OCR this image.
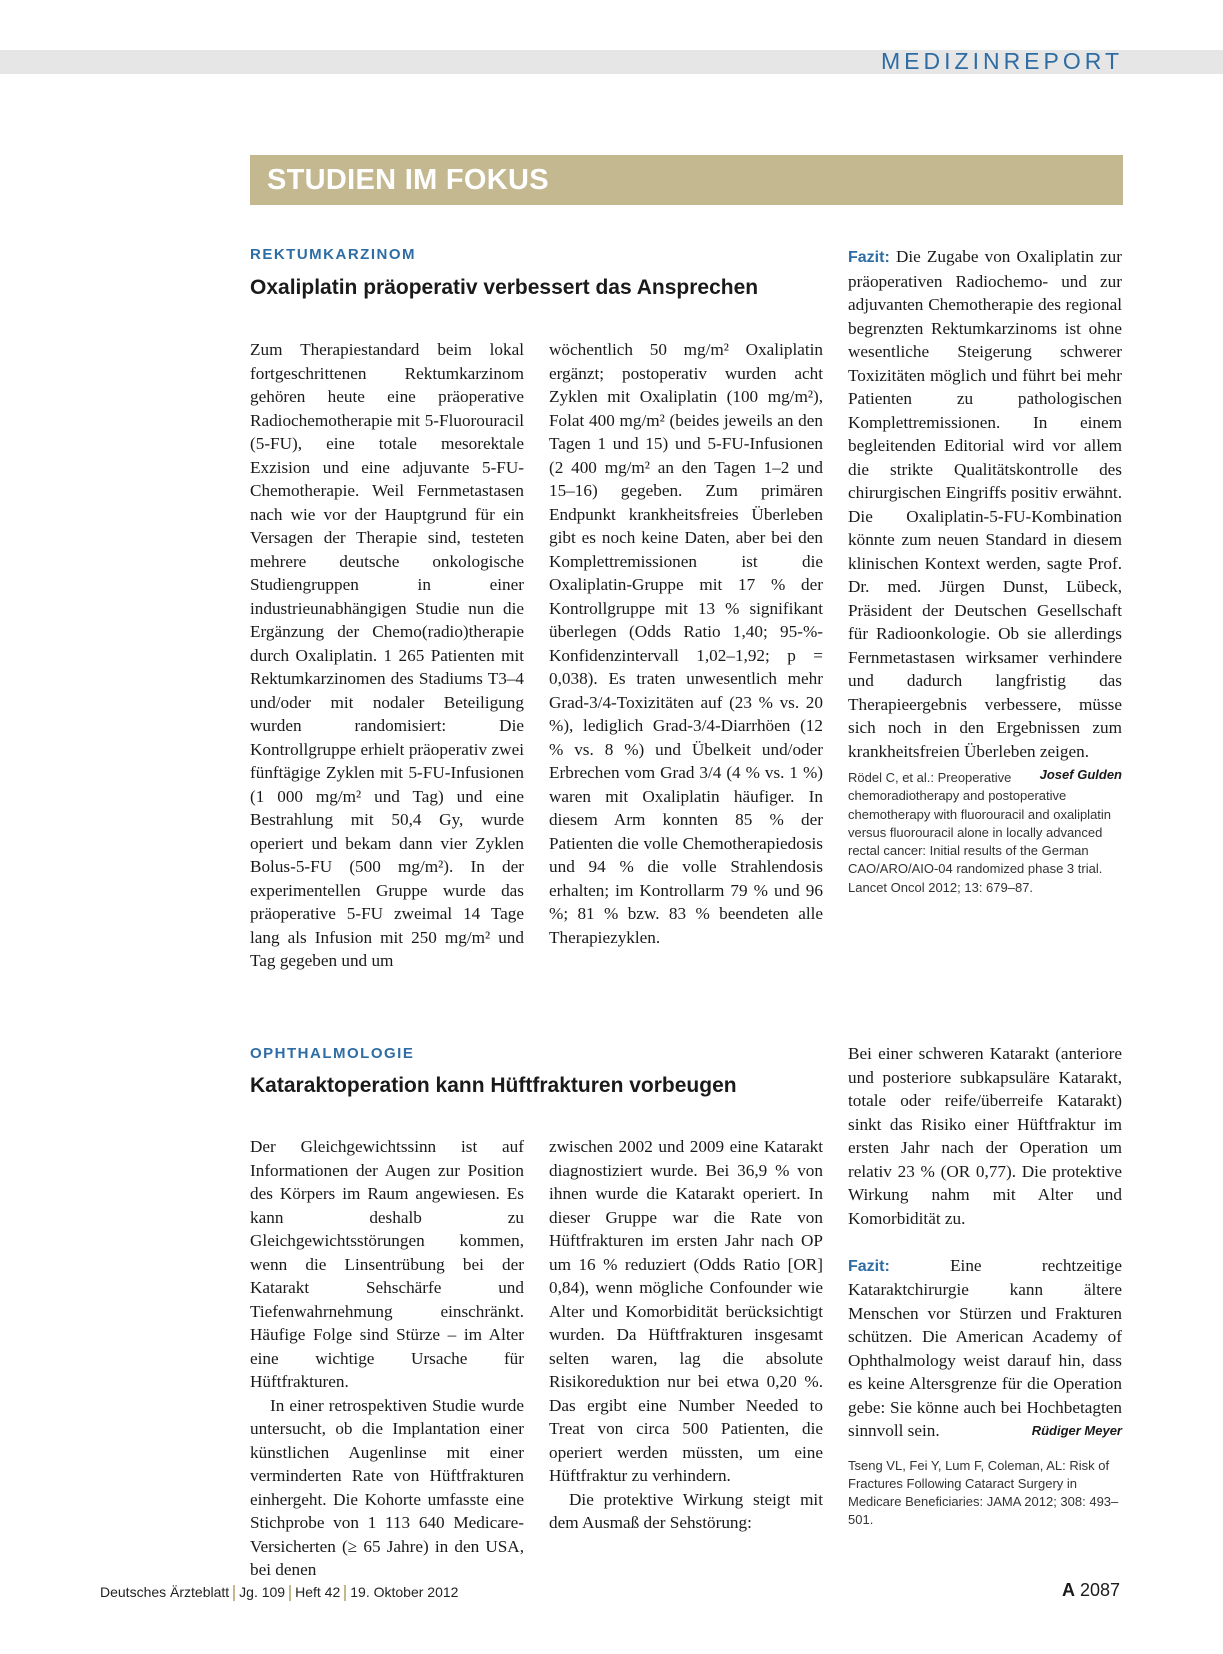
MEDIZINREPORT
STUDIEN IM FOKUS
REKTUMKARZINOM
Oxaliplatin präoperativ verbessert das Ansprechen

Zum Therapiestandard beim lokal fortgeschrittenen Rektumkarzinom gehören heute eine präoperative Radiochemotherapie mit 5-Fluorouracil (5-FU), eine totale mesorektale Exzision und eine adjuvante 5-FU-Chemotherapie. Weil Fernmetastasen nach wie vor der Hauptgrund für ein Versagen der Therapie sind, testeten mehrere deutsche onkologische Studiengruppen in einer industrieunabhängigen Studie nun die Ergänzung der Chemo(radio)therapie durch Oxaliplatin. 1 265 Patienten mit Rektumkarzinomen des Stadiums T3–4 und/oder mit nodaler Beteiligung wurden randomisiert: Die Kontrollgruppe erhielt präoperativ zwei fünftägige Zyklen mit 5-FU-Infusionen (1 000 mg/m² und Tag) und eine Bestrahlung mit 50,4 Gy, wurde operiert und bekam dann vier Zyklen Bolus-5-FU (500 mg/m²). In der experimentellen Gruppe wurde das präoperative 5-FU zweimal 14 Tage lang als Infusion mit 250 mg/m² und Tag gegeben und um

wöchentlich 50 mg/m² Oxaliplatin ergänzt; postoperativ wurden acht Zyklen mit Oxaliplatin (100 mg/m²), Folat 400 mg/m² (beides jeweils an den Tagen 1 und 15) und 5-FU-Infusionen (2 400 mg/m² an den Tagen 1–2 und 15–16) gegeben. Zum primären Endpunkt krankheitsfreies Überleben gibt es noch keine Daten, aber bei den Komplettremissionen ist die Oxaliplatin-Gruppe mit 17 % der Kontrollgruppe mit 13 % signifikant überlegen (Odds Ratio 1,40; 95-%-Konfidenzintervall 1,02–1,92; p = 0,038). Es traten unwesentlich mehr Grad-3/4-Toxizitäten auf (23 % vs. 20 %), lediglich Grad-3/4-Diarrhöen (12 % vs. 8 %) und Übelkeit und/oder Erbrechen vom Grad 3/4 (4 % vs. 1 %) waren mit Oxaliplatin häufiger. In diesem Arm konnten 85 % der Patienten die volle Chemotherapiedosis und 94 % die volle Strahlendosis erhalten; im Kontrollarm 79 % und 96 %; 81 % bzw. 83 % beendeten alle Therapiezyklen.

Fazit: Die Zugabe von Oxaliplatin zur präoperativen Radiochemo- und zur adjuvanten Chemotherapie des regional begrenzten Rektumkarzinoms ist ohne wesentliche Steigerung schwerer Toxizitäten möglich und führt bei mehr Patienten zu pathologischen Komplettremissionen. In einem begleitenden Editorial wird vor allem die strikte Qualitätskontrolle des chirurgischen Eingriffs positiv erwähnt. Die Oxaliplatin-5-FU-Kombination könnte zum neuen Standard in diesem klinischen Kontext werden, sagte Prof. Dr. med. Jürgen Dunst, Lübeck, Präsident der Deutschen Gesellschaft für Radioonkologie. Ob sie allerdings Fernmetastasen wirksamer verhindere und dadurch langfristig das Therapieergebnis verbessere, müsse sich noch in den Ergebnissen zum krankheitsfreien Überleben zeigen.
Josef Gulden

Rödel C, et al.: Preoperative chemoradiotherapy and postoperative chemotherapy with fluorouracil and oxaliplatin versus fluorouracil alone in locally advanced rectal cancer: Initial results of the German CAO/ARO/AIO-04 randomized phase 3 trial. Lancet Oncol 2012; 13: 679–87.
OPHTHALMOLOGIE
Kataraktoperation kann Hüftfrakturen vorbeugen

Der Gleichgewichtssinn ist auf Informationen der Augen zur Position des Körpers im Raum angewiesen. Es kann deshalb zu Gleichgewichtsstörungen kommen, wenn die Linsentrübung bei der Katarakt Sehschärfe und Tiefenwahrnehmung einschränkt. Häufige Folge sind Stürze – im Alter eine wichtige Ursache für Hüftfrakturen.

In einer retrospektiven Studie wurde untersucht, ob die Implantation einer künstlichen Augenlinse mit einer verminderten Rate von Hüftfrakturen einhergeht. Die Kohorte umfasste eine Stichprobe von 1 113 640 Medicare-Versicherten (≥ 65 Jahre) in den USA, bei denen

zwischen 2002 und 2009 eine Katarakt diagnostiziert wurde. Bei 36,9 % von ihnen wurde die Katarakt operiert. In dieser Gruppe war die Rate von Hüftfrakturen im ersten Jahr nach OP um 16 % reduziert (Odds Ratio [OR] 0,84), wenn mögliche Confounder wie Alter und Komorbidität berücksichtigt wurden. Da Hüftfrakturen insgesamt selten waren, lag die absolute Risikoreduktion nur bei etwa 0,20 %. Das ergibt eine Number Needed to Treat von circa 500 Patienten, die operiert werden müssten, um eine Hüftfraktur zu verhindern.

Die protektive Wirkung steigt mit dem Ausmaß der Sehstörung:

Bei einer schweren Katarakt (anteriore und posteriore subkapsuläre Katarakt, totale oder reife/überreife Katarakt) sinkt das Risiko einer Hüftfraktur im ersten Jahr nach der Operation um relativ 23 % (OR 0,77). Die protektive Wirkung nahm mit Alter und Komorbidität zu.

Fazit: Eine rechtzeitige Kataraktchirurgie kann ältere Menschen vor Stürzen und Frakturen schützen. Die American Academy of Ophthalmology weist darauf hin, dass es keine Altersgrenze für die Operation gebe: Sie könne auch bei Hochbetagten sinnvoll sein.	Rüdiger Meyer

Tseng VL, Fei Y, Lum F, Coleman, AL: Risk of Fractures Following Cataract Surgery in Medicare Beneficiaries: JAMA 2012; 308: 493–501.
Deutsches Ärzteblatt Jg. 109 Heft 42 19. Oktober 2012	A 2087
